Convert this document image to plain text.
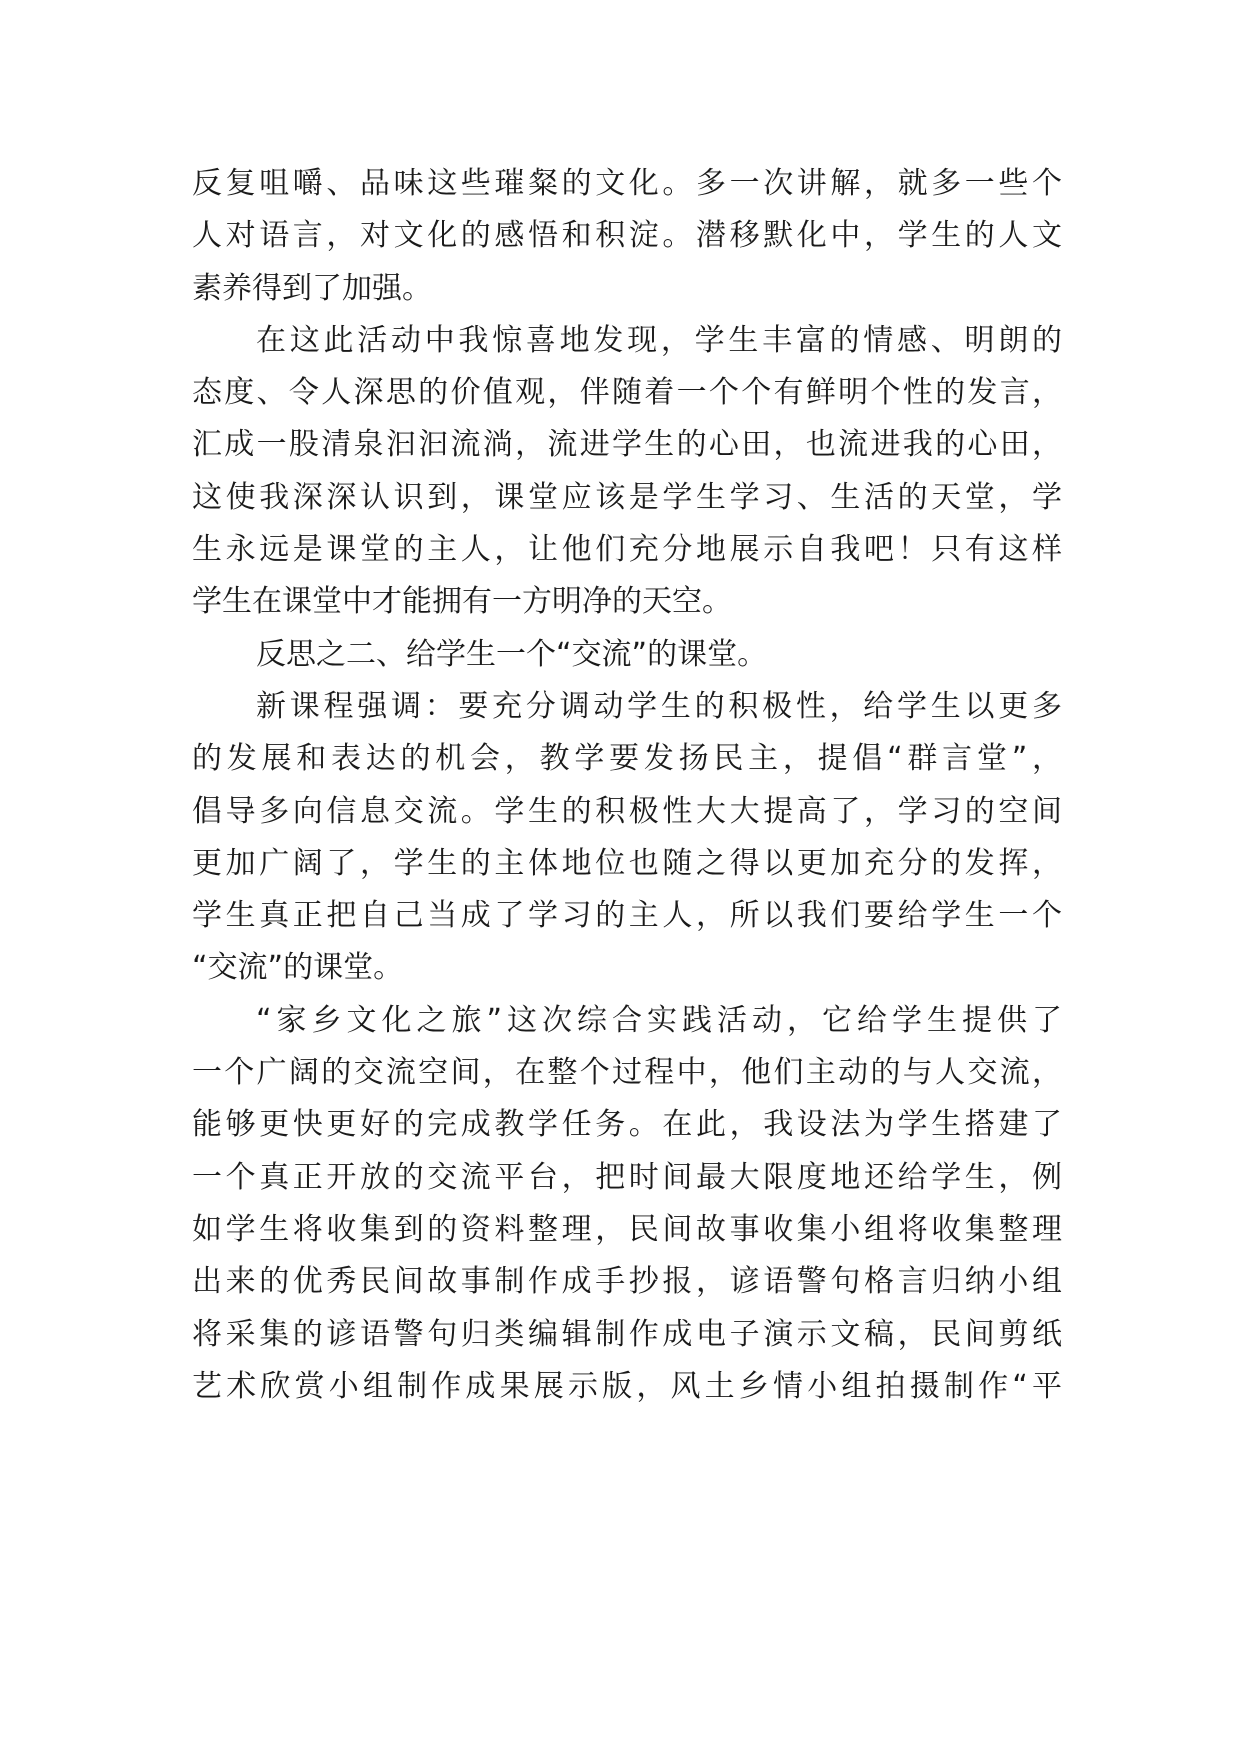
反复咀嚼、品味这些璀粲的文化。多一次讲解，就多一些个
人对语言，对文化的感悟和积淀。潜移默化中，学生的人文
素养得到了加强。
在这此活动中我惊喜地发现，学生丰富的情感、明朗的
态度、令人深思的价值观，伴随着一个个有鲜明个性的发言，
汇成一股清泉汩汩流淌，流进学生的心田，也流进我的心田，
这使我深深认识到，课堂应该是学生学习、生活的天堂，学
生永远是课堂的主人，让他们充分地展示自我吧！只有这样
学生在课堂中才能拥有一方明净的天空。
反思之二、给学生一个“交流”的课堂。
新课程强调：要充分调动学生的积极性，给学生以更多
的发展和表达的机会，教学要发扬民主，提倡“群言堂”，
倡导多向信息交流。学生的积极性大大提高了，学习的空间
更加广阔了，学生的主体地位也随之得以更加充分的发挥，
学生真正把自己当成了学习的主人，所以我们要给学生一个
“交流”的课堂。
“家乡文化之旅”这次综合实践活动，它给学生提供了
一个广阔的交流空间，在整个过程中，他们主动的与人交流，
能够更快更好的完成教学任务。在此，我设法为学生搭建了
一个真正开放的交流平台，把时间最大限度地还给学生，例
如学生将收集到的资料整理，民间故事收集小组将收集整理
出来的优秀民间故事制作成手抄报，谚语警句格言归纳小组
将采集的谚语警句归类编辑制作成电子演示文稿，民间剪纸
艺术欣赏小组制作成果展示版，风土乡情小组拍摄制作“平
